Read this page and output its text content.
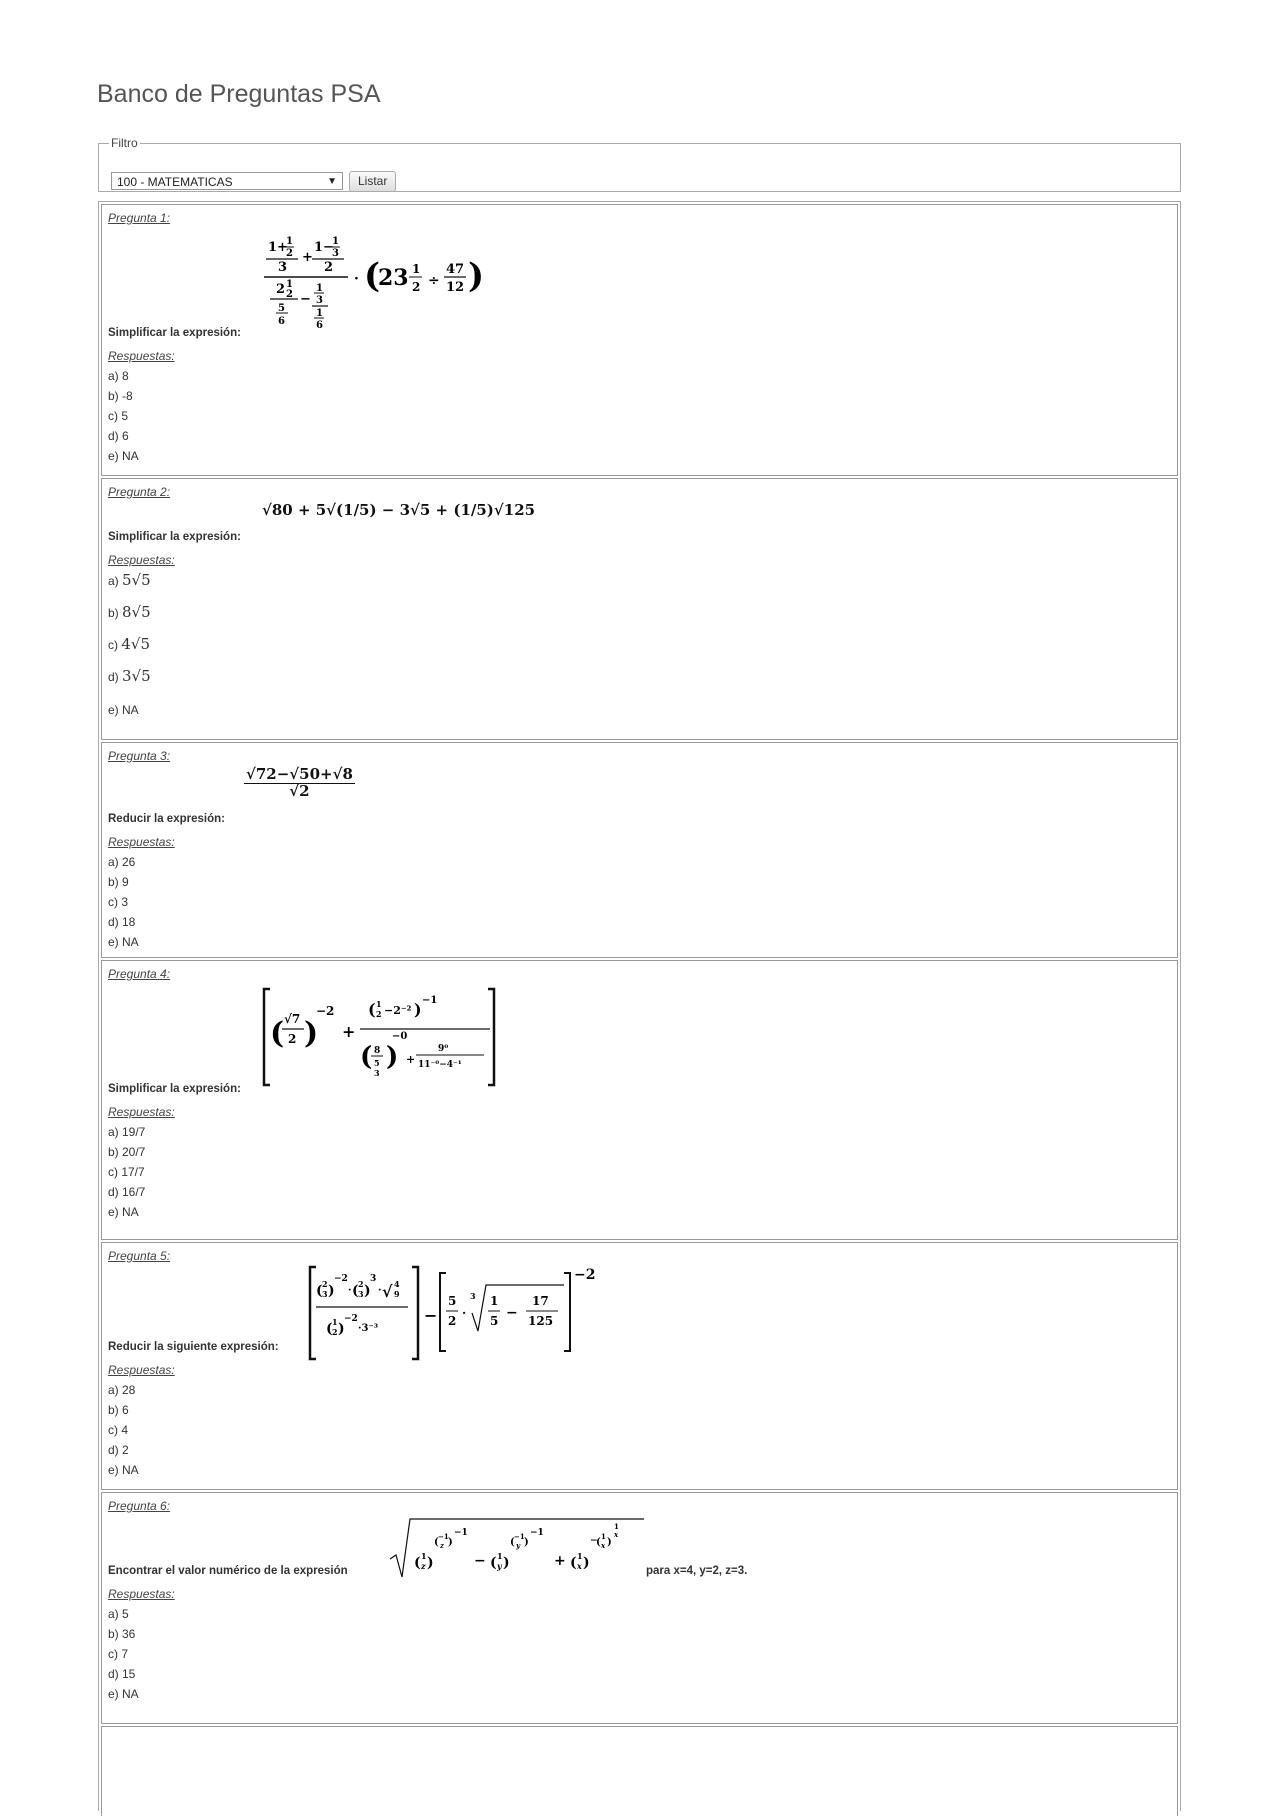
Banco de Preguntas PSA
Filtro
100 - MATEMATICAS	▼	Listar
Pregunta 1:
1+
1
2
3
+
1−
1
3
2
2 1
2
5
6
−
1
3
1
6
· (
23 1
2 ÷
47
12 )
Simplificar la expresión:
Respuestas:
a) 8
b) -8
c) 5
d) 6
e) NA
Pregunta 2:
√80 + 5√(1/5) − 3√5 + (1/5)√125
Simplificar la expresión:
Respuestas:
a) 5√5
b) 8√5
c) 4√5
d) 3√5
e) NA
Pregunta 3:
$\frac{√72-√50+√8}{√2}$
Reducir la expresión:
Respuestas:
a) 26
b) 9
c) 3
d) 18
e) NA
Pregunta 4:
( √7
2 )
−2
+
( 1
2 −2⁻² ) −1
( 8
5
3
)
−0
+
9⁰
11⁻⁰−4⁻¹
Simplificar la expresión:
Respuestas:
a) 19/7
b) 20/7
c) 17/7
d) 16/7
e) NA
Pregunta 5:
( 2
3 )
−2
· ( 2
3 )
3
· √ 4
9
( 1
2 )
−2
·3⁻³
−
5
2
·
3 1
5 −
17
125
−2
Reducir la siguiente expresión:
Respuestas:
a) 28
b) 6
c) 4
d) 2
e) NA
Pregunta 6:
( 1
z )
(
−1
z )
−1
− ( 1
y )
(
−1
y )
−1
+ ( 1
x )
−
(
1
x )
1
x
Encontrar el valor numérico de la expresión	para x=4, y=2, z=3.
Respuestas:
a) 5
b) 36
c) 7
d) 15
e) NA
